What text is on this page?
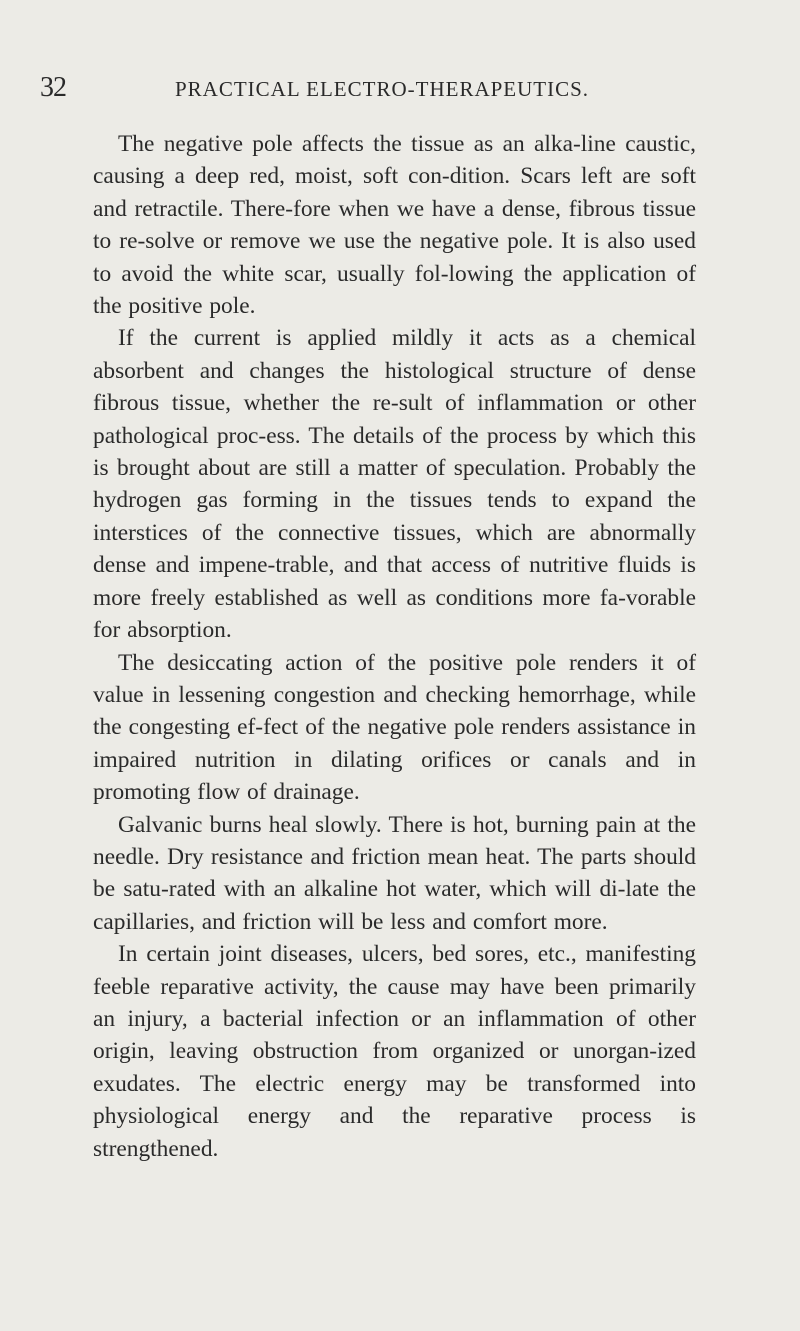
32	PRACTICAL ELECTRO-THERAPEUTICS.

The negative pole affects the tissue as an alka-line caustic, causing a deep red, moist, soft con-dition. Scars left are soft and retractile. There-fore when we have a dense, fibrous tissue to re-solve or remove we use the negative pole. It is also used to avoid the white scar, usually fol-lowing the application of the positive pole.

If the current is applied mildly it acts as a chemical absorbent and changes the histological structure of dense fibrous tissue, whether the re-sult of inflammation or other pathological proc-ess. The details of the process by which this is brought about are still a matter of speculation. Probably the hydrogen gas forming in the tissues tends to expand the interstices of the connective tissues, which are abnormally dense and impene-trable, and that access of nutritive fluids is more freely established as well as conditions more fa-vorable for absorption.

The desiccating action of the positive pole renders it of value in lessening congestion and checking hemorrhage, while the congesting ef-fect of the negative pole renders assistance in impaired nutrition in dilating orifices or canals and in promoting flow of drainage.

Galvanic burns heal slowly. There is hot, burning pain at the needle. Dry resistance and friction mean heat. The parts should be satu-rated with an alkaline hot water, which will di-late the capillaries, and friction will be less and comfort more.

In certain joint diseases, ulcers, bed sores, etc., manifesting feeble reparative activity, the cause may have been primarily an injury, a bacterial infection or an inflammation of other origin, leaving obstruction from organized or unorgan-ized exudates. The electric energy may be transformed into physiological energy and the reparative process is strengthened.
